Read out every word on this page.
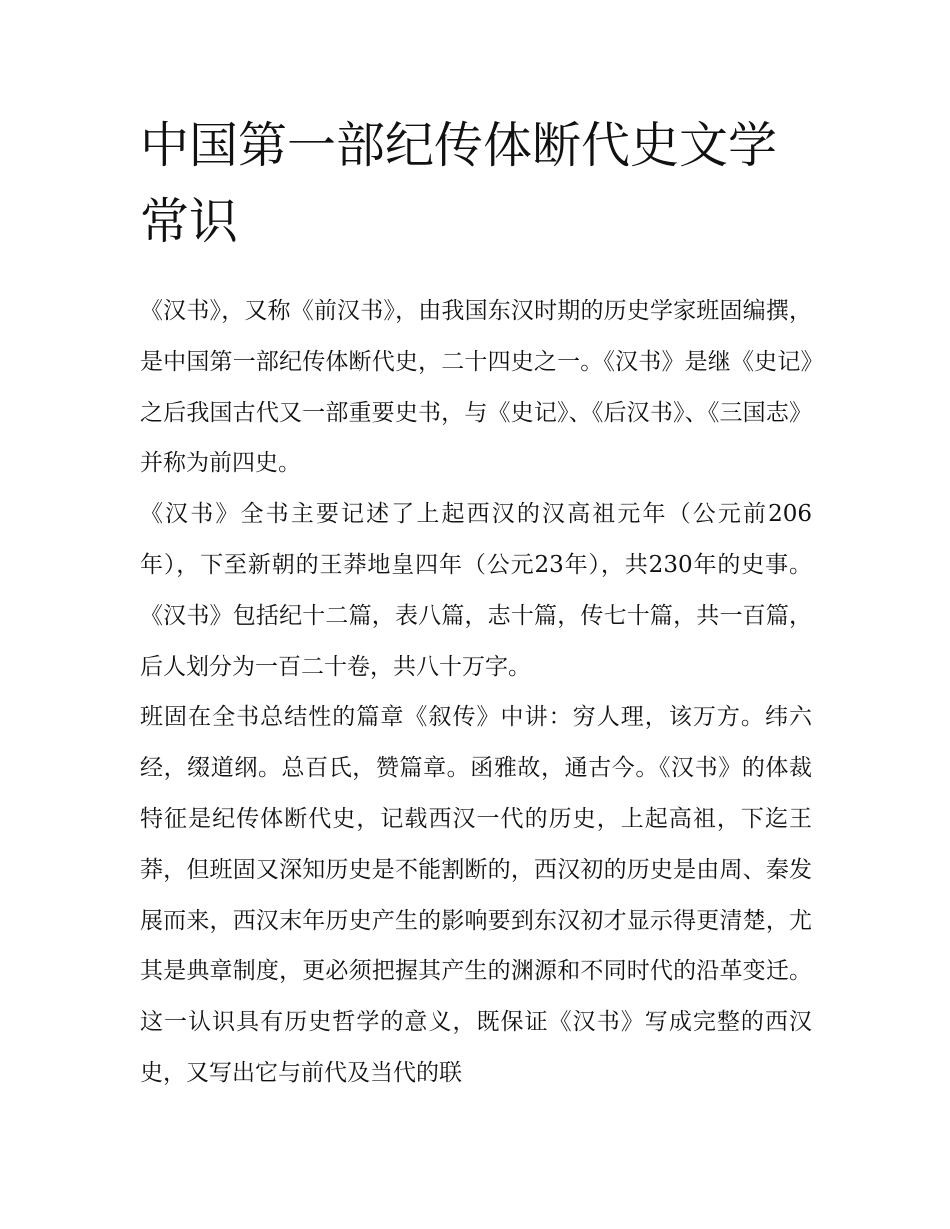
中国第一部纪传体断代史文学常识

《汉书》，又称《前汉书》，由我国东汉时期的历史学家班固编撰，是中国第一部纪传体断代史，二十四史之一。《汉书》是继《史记》之后我国古代又一部重要史书，与《史记》、《后汉书》、《三国志》并称为前四史。

《汉书》全书主要记述了上起西汉的汉高祖元年（公元前206年），下至新朝的王莽地皇四年（公元23年），共230年的史事。《汉书》包括纪十二篇，表八篇，志十篇，传七十篇，共一百篇，后人划分为一百二十卷，共八十万字。

班固在全书总结性的篇章《叙传》中讲：穷人理，该万方。纬六经，缀道纲。总百氏，赞篇章。函雅故，通古今。《汉书》的体裁特征是纪传体断代史，记载西汉一代的历史，上起高祖，下迄王莽，但班固又深知历史是不能割断的，西汉初的历史是由周、秦发展而来，西汉末年历史产生的影响要到东汉初才显示得更清楚，尤其是典章制度，更必须把握其产生的渊源和不同时代的沿革变迁。这一认识具有历史哲学的意义，既保证《汉书》写成完整的西汉史，又写出它与前代及当代的联
